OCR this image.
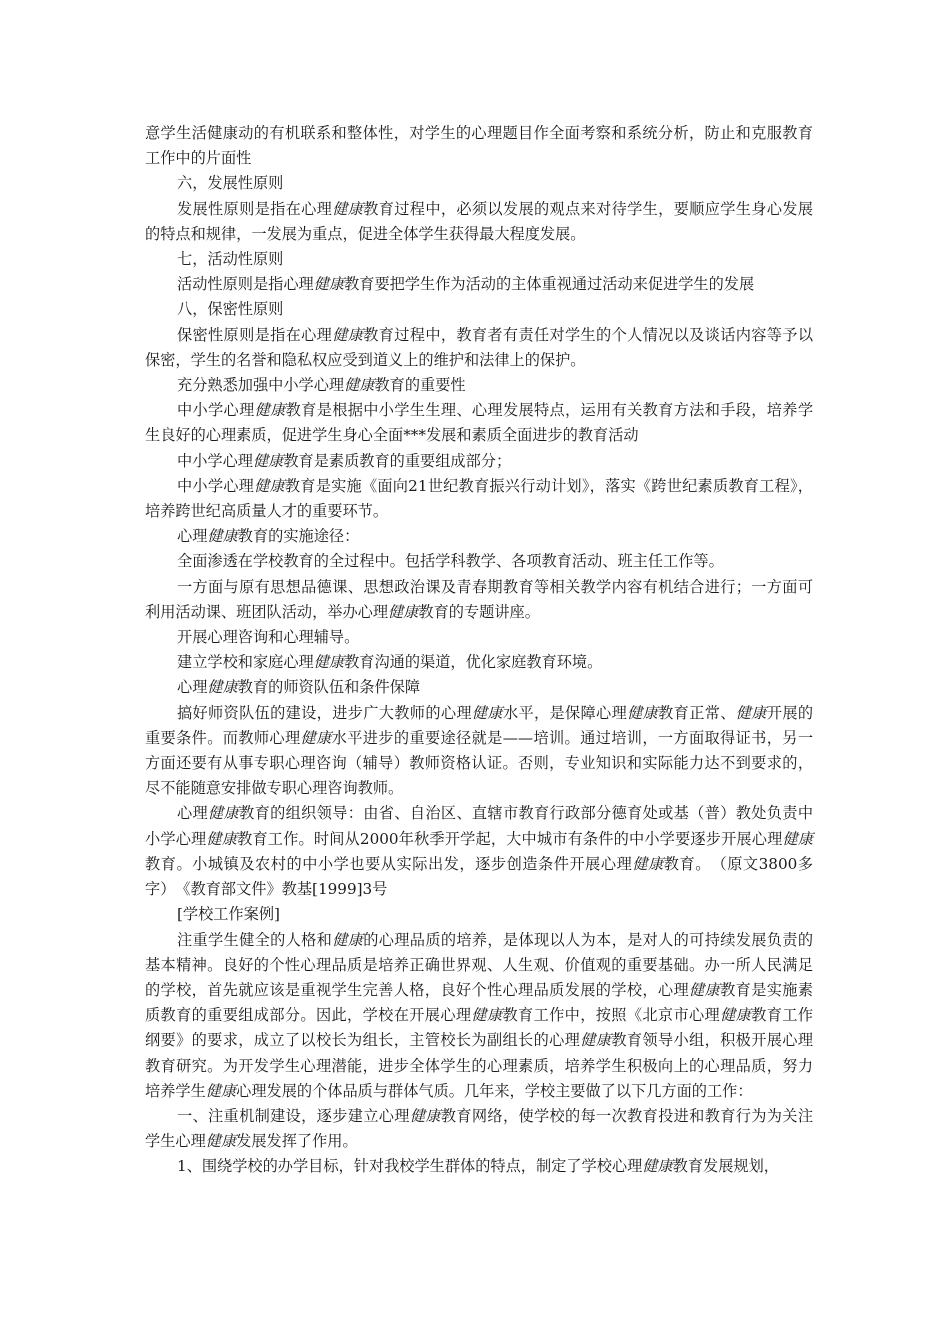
意学生活健康动的有机联系和整体性，对学生的心理题目作全面考察和系统分析，防止和克服教育工作中的片面性

六，发展性原则

发展性原则是指在心理健康教育过程中，必须以发展的观点来对待学生，要顺应学生身心发展的特点和规律，一发展为重点，促进全体学生获得最大程度发展。

七，活动性原则

活动性原则是指心理健康教育要把学生作为活动的主体重视通过活动来促进学生的发展

八，保密性原则

保密性原则是指在心理健康教育过程中，教育者有责任对学生的个人情况以及谈话内容等予以保密，学生的名誉和隐私权应受到道义上的维护和法律上的保护。

充分熟悉加强中小学心理健康教育的重要性

中小学心理健康教育是根据中小学生生理、心理发展特点，运用有关教育方法和手段，培养学生良好的心理素质，促进学生身心全面***发展和素质全面进步的教育活动

中小学心理健康教育是素质教育的重要组成部分；

中小学心理健康教育是实施《面向21世纪教育振兴行动计划》，落实《跨世纪素质教育工程》，培养跨世纪高质量人才的重要环节。

心理健康教育的实施途径：

全面渗透在学校教育的全过程中。包括学科教学、各项教育活动、班主任工作等。

一方面与原有思想品德课、思想政治课及青春期教育等相关教学内容有机结合进行；一方面可利用活动课、班团队活动，举办心理健康教育的专题讲座。

开展心理咨询和心理辅导。

建立学校和家庭心理健康教育沟通的渠道，优化家庭教育环境。

心理健康教育的师资队伍和条件保障

搞好师资队伍的建设，进步广大教师的心理健康水平，是保障心理健康教育正常、健康开展的重要条件。而教师心理健康水平进步的重要途径就是——培训。通过培训，一方面取得证书，另一方面还要有从事专职心理咨询（辅导）教师资格认证。否则，专业知识和实际能力达不到要求的，尽不能随意安排做专职心理咨询教师。

心理健康教育的组织领导：由省、自治区、直辖市教育行政部分德育处或基（普）教处负责中小学心理健康教育工作。时间从2000年秋季开学起，大中城市有条件的中小学要逐步开展心理健康教育。小城镇及农村的中小学也要从实际出发，逐步创造条件开展心理健康教育。　（原文3800多字）　《教育部文件》教基[1999]3号

[学校工作案例]

注重学生健全的人格和健康的心理品质的培养，是体现以人为本，是对人的可持续发展负责的基本精神。良好的个性心理品质是培养正确世界观、人生观、价值观的重要基础。办一所人民满足的学校，首先就应该是重视学生完善人格，良好个性心理品质发展的学校，心理健康教育是实施素质教育的重要组成部分。因此，学校在开展心理健康教育工作中，按照《北京市心理健康教育工作纲要》的要求，成立了以校长为组长，主管校长为副组长的心理健康教育领导小组，积极开展心理教育研究。为开发学生心理潜能，进步全体学生的心理素质，培养学生积极向上的心理品质，努力培养学生健康心理发展的个体品质与群体气质。几年来，学校主要做了以下几方面的工作：

一、注重机制建设，逐步建立心理健康教育网络，使学校的每一次教育投进和教育行为为关注学生心理健康发展发挥了作用。

1、围绕学校的办学目标，针对我校学生群体的特点，制定了学校心理健康教育发展规划，
